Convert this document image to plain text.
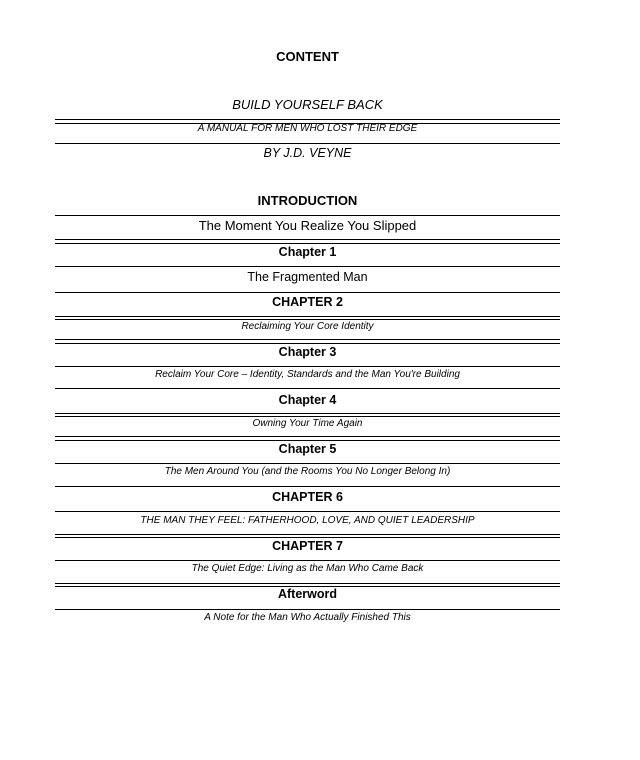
CONTENT
BUILD YOURSELF BACK
A MANUAL FOR MEN WHO LOST THEIR EDGE
BY J.D. VEYNE
INTRODUCTION
The Moment You Realize You Slipped
Chapter 1
The Fragmented Man
CHAPTER 2
Reclaiming Your Core Identity
Chapter 3
Reclaim Your Core – Identity, Standards and the Man You're Building
Chapter 4
Owning Your Time Again
Chapter 5
The Men Around You (and the Rooms You No Longer Belong In)
CHAPTER 6
THE MAN THEY FEEL: FATHERHOOD, LOVE, AND QUIET LEADERSHIP
CHAPTER 7
The Quiet Edge: Living as the Man Who Came Back
Afterword
A Note for the Man Who Actually Finished This
